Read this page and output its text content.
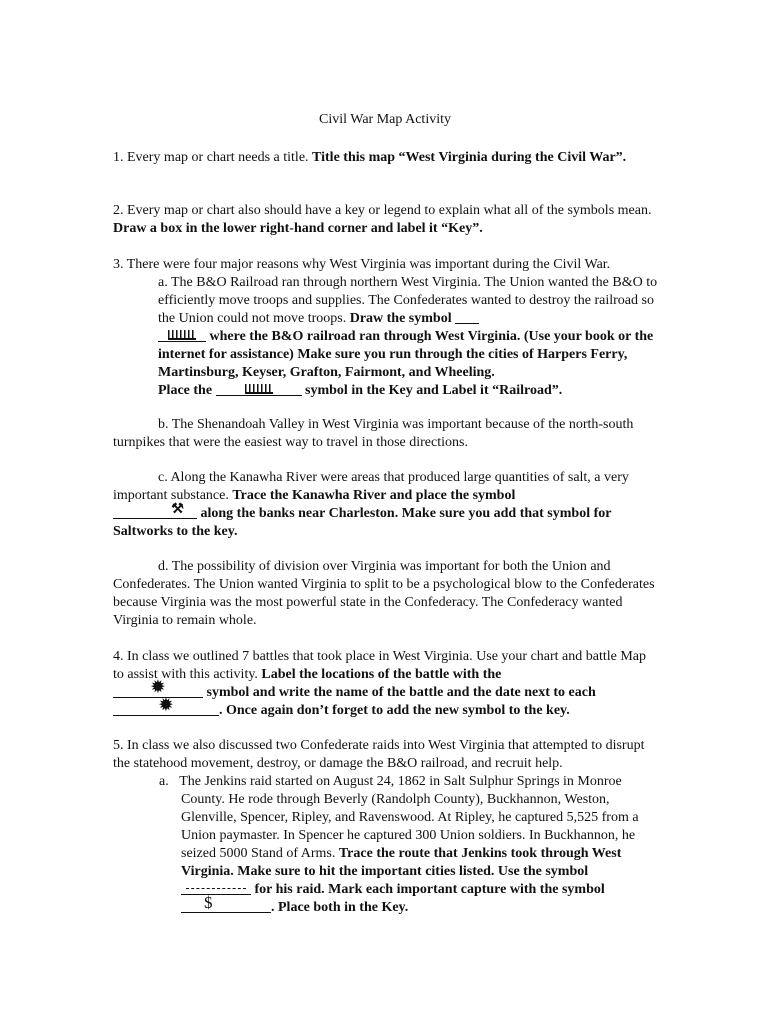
Civil War Map Activity

1. Every map or chart needs a title. Title this map “West Virginia during the Civil War”.

2. Every map or chart also should have a key or legend to explain what all of the symbols mean. Draw a box in the lower right-hand corner and label it “Key”.

3. There were four major reasons why West Virginia was important during the Civil War.

a. The B&O Railroad ran through northern West Virginia. The Union wanted the B&O to efficiently move troops and supplies. The Confederates wanted to destroy the railroad so the Union could not move troops. Draw the symbol

where the B&O railroad ran through West Virginia. (Use your book or the internet for assistance) Make sure you run through the cities of Harpers Ferry, Martinsburg, Keyser, Grafton, Fairmont, and Wheeling.
Place the	symbol in the Key and Label it “Railroad”.

b. The Shenandoah Valley in West Virginia was important because of the north-south turnpikes that were the easiest way to travel in those directions.

c. Along the Kanawha River were areas that produced large quantities of salt, a very important substance. Trace the Kanawha River and place the symbol

⚒ along the banks near Charleston. Make sure you add that symbol for Saltworks to the key.

d. The possibility of division over Virginia was important for both the Union and Confederates. The Union wanted Virginia to split to be a psychological blow to the Confederates because Virginia was the most powerful state in the Confederacy. The Confederacy wanted Virginia to remain whole.

4. In class we outlined 7 battles that took place in West Virginia. Use your chart and battle Map to assist with this activity. Label the locations of the battle with the

✹	symbol and write the name of the battle and the date next to each

✹	. Once again don’t forget to add the new symbol to the key.

5. In class we also discussed two Confederate raids into West Virginia that attempted to disrupt the statehood movement, destroy, or damage the B&O railroad, and recruit help.

a.   The Jenkins raid started on August 24, 1862 in Salt Sulphur Springs in Monroe County. He rode through Beverly (Randolph County), Buckhannon, Weston, Glenville, Spencer, Ripley, and Ravenswood. At Ripley, he captured 5,525 from a Union paymaster. In Spencer he captured 300 Union soldiers. In Buckhannon, he seized 5000 Stand of Arms. Trace the route that Jenkins took through West Virginia. Make sure to hit the important cities listed. Use the symbol
for his raid. Mark each important capture with the symbol
$	. Place both in the Key.
